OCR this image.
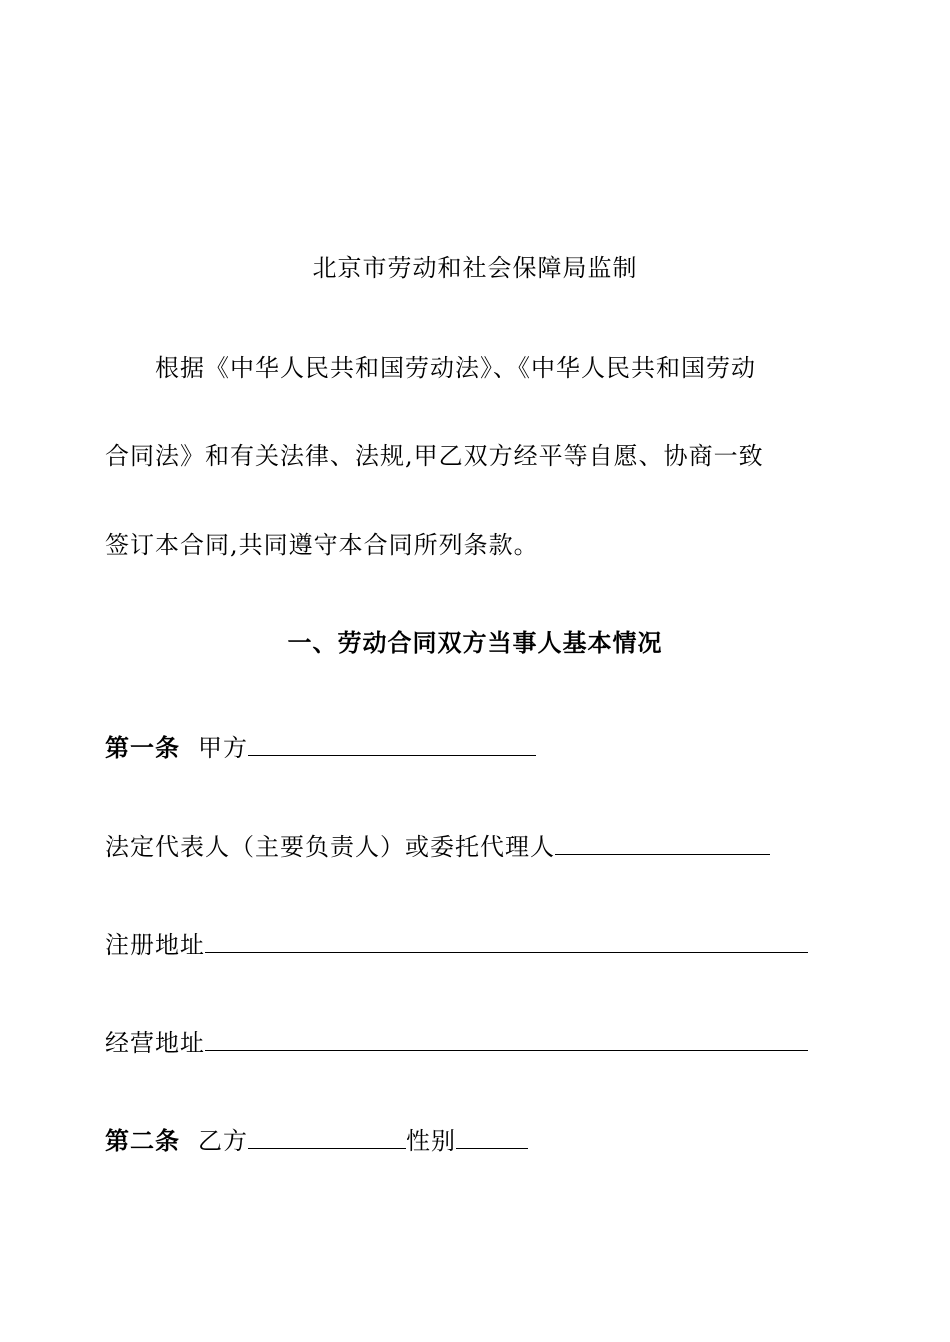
北京市劳动和社会保障局监制
根据《中华人民共和国劳动法》、《中华人民共和国劳动
合同法》和有关法律、法规,甲乙双方经平等自愿、协商一致
签订本合同,共同遵守本合同所列条款。
一、劳动合同双方当事人基本情况
第一条 甲方
法定代表人（主要负责人）或委托代理人
注册地址
经营地址
第二条 乙方	性别
